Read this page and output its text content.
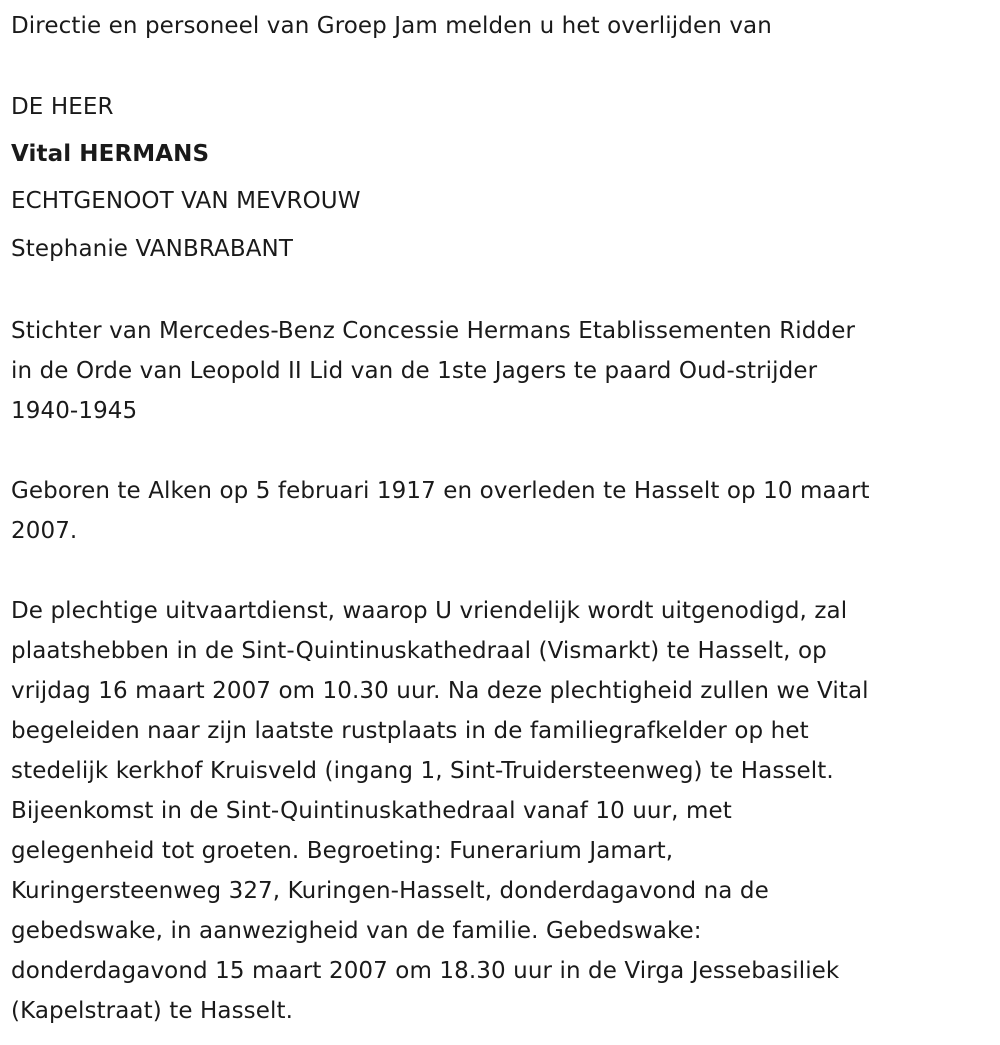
Directie en personeel van Groep Jam melden u het overlijden van

DE HEER

Vital HERMANS

ECHTGENOOT VAN MEVROUW

Stephanie VANBRABANT

Stichter van Mercedes-Benz Concessie Hermans Etablissementen Ridder
in de Orde van Leopold II Lid van de 1ste Jagers te paard Oud-strijder
1940-1945
Geboren te Alken op 5 februari 1917 en overleden te Hasselt op 10 maart
2007.
De plechtige uitvaartdienst, waarop U vriendelijk wordt uitgenodigd, zal
plaatshebben in de Sint-Quintinuskathedraal (Vismarkt) te Hasselt, op
vrijdag 16 maart 2007 om 10.30 uur. Na deze plechtigheid zullen we Vital
begeleiden naar zijn laatste rustplaats in de familiegrafkelder op het
stedelijk kerkhof Kruisveld (ingang 1, Sint-Truidersteenweg) te Hasselt.
Bijeenkomst in de Sint-Quintinuskathedraal vanaf 10 uur, met
gelegenheid tot groeten. Begroeting: Funerarium Jamart,
Kuringersteenweg 327, Kuringen-Hasselt, donderdagavond na de
gebedswake, in aanwezigheid van de familie. Gebedswake:
donderdagavond 15 maart 2007 om 18.30 uur in de Virga Jessebasiliek
(Kapelstraat) te Hasselt.
